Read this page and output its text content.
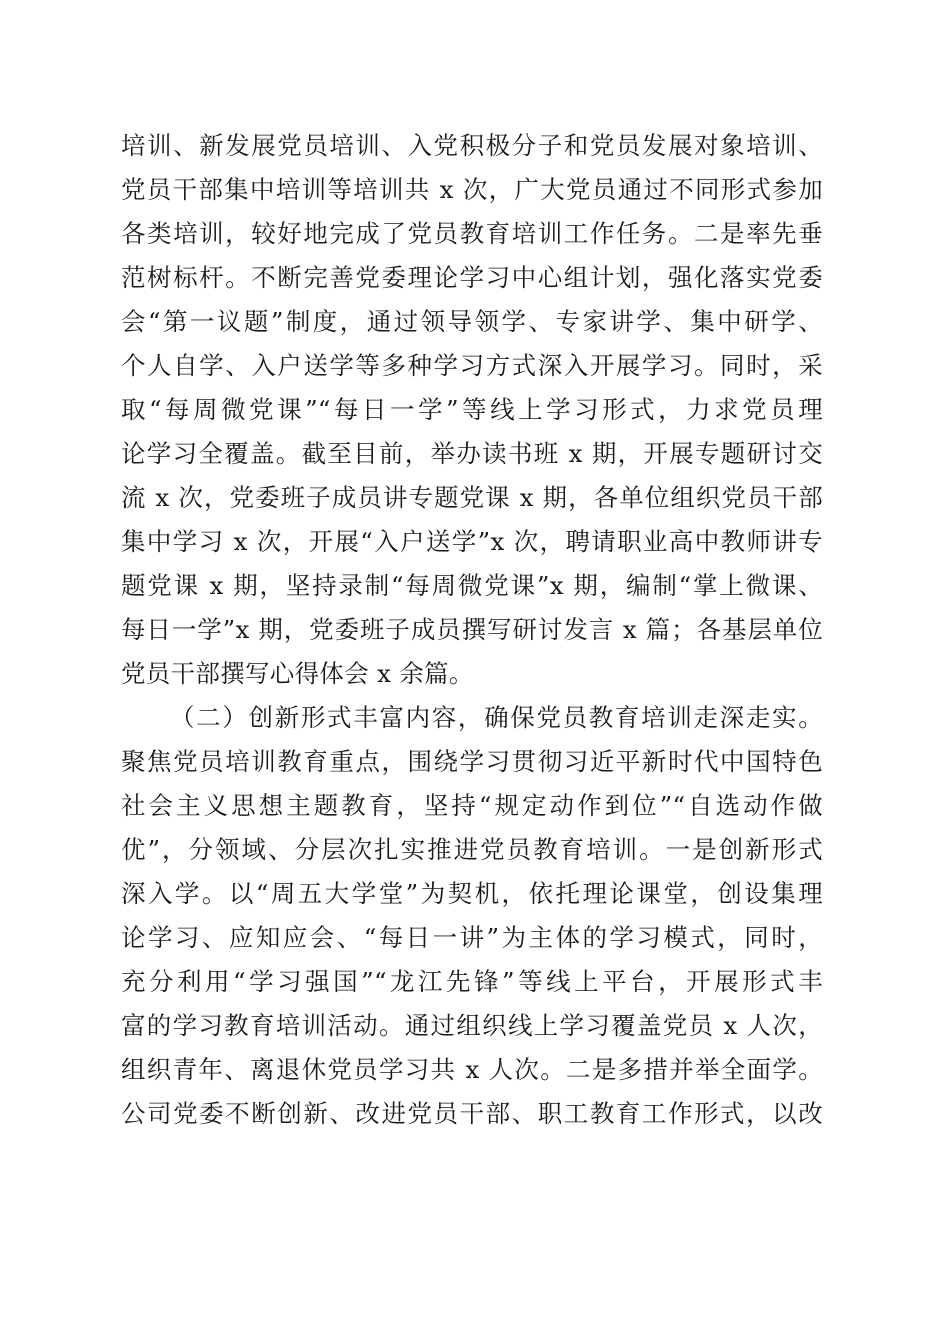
培训、新发展党员培训、入党积极分子和党员发展对象培训、
党员干部集中培训等培训共 x 次，广大党员通过不同形式参加
各类培训，较好地完成了党员教育培训工作任务。二是率先垂
范树标杆。不断完善党委理论学习中心组计划，强化落实党委
会“第一议题”制度，通过领导领学、专家讲学、集中研学、
个人自学、入户送学等多种学习方式深入开展学习。同时，采
取“每周微党课”“每日一学”等线上学习形式，力求党员理
论学习全覆盖。截至目前，举办读书班 x 期，开展专题研讨交
流 x 次，党委班子成员讲专题党课 x 期，各单位组织党员干部
集中学习 x 次，开展“入户送学”x 次，聘请职业高中教师讲专
题党课 x 期，坚持录制“每周微党课”x 期，编制“掌上微课、
每日一学”x 期，党委班子成员撰写研讨发言 x 篇；各基层单位
党员干部撰写心得体会 x 余篇。
（二）创新形式丰富内容，确保党员教育培训走深走实。
聚焦党员培训教育重点，围绕学习贯彻习近平新时代中国特色
社会主义思想主题教育，坚持“规定动作到位”“自选动作做
优”，分领域、分层次扎实推进党员教育培训。一是创新形式
深入学。以“周五大学堂”为契机，依托理论课堂，创设集理
论学习、应知应会、“每日一讲”为主体的学习模式，同时，
充分利用“学习强国”“龙江先锋”等线上平台，开展形式丰
富的学习教育培训活动。通过组织线上学习覆盖党员 x 人次，
组织青年、离退休党员学习共 x 人次。二是多措并举全面学。
公司党委不断创新、改进党员干部、职工教育工作形式，以改
